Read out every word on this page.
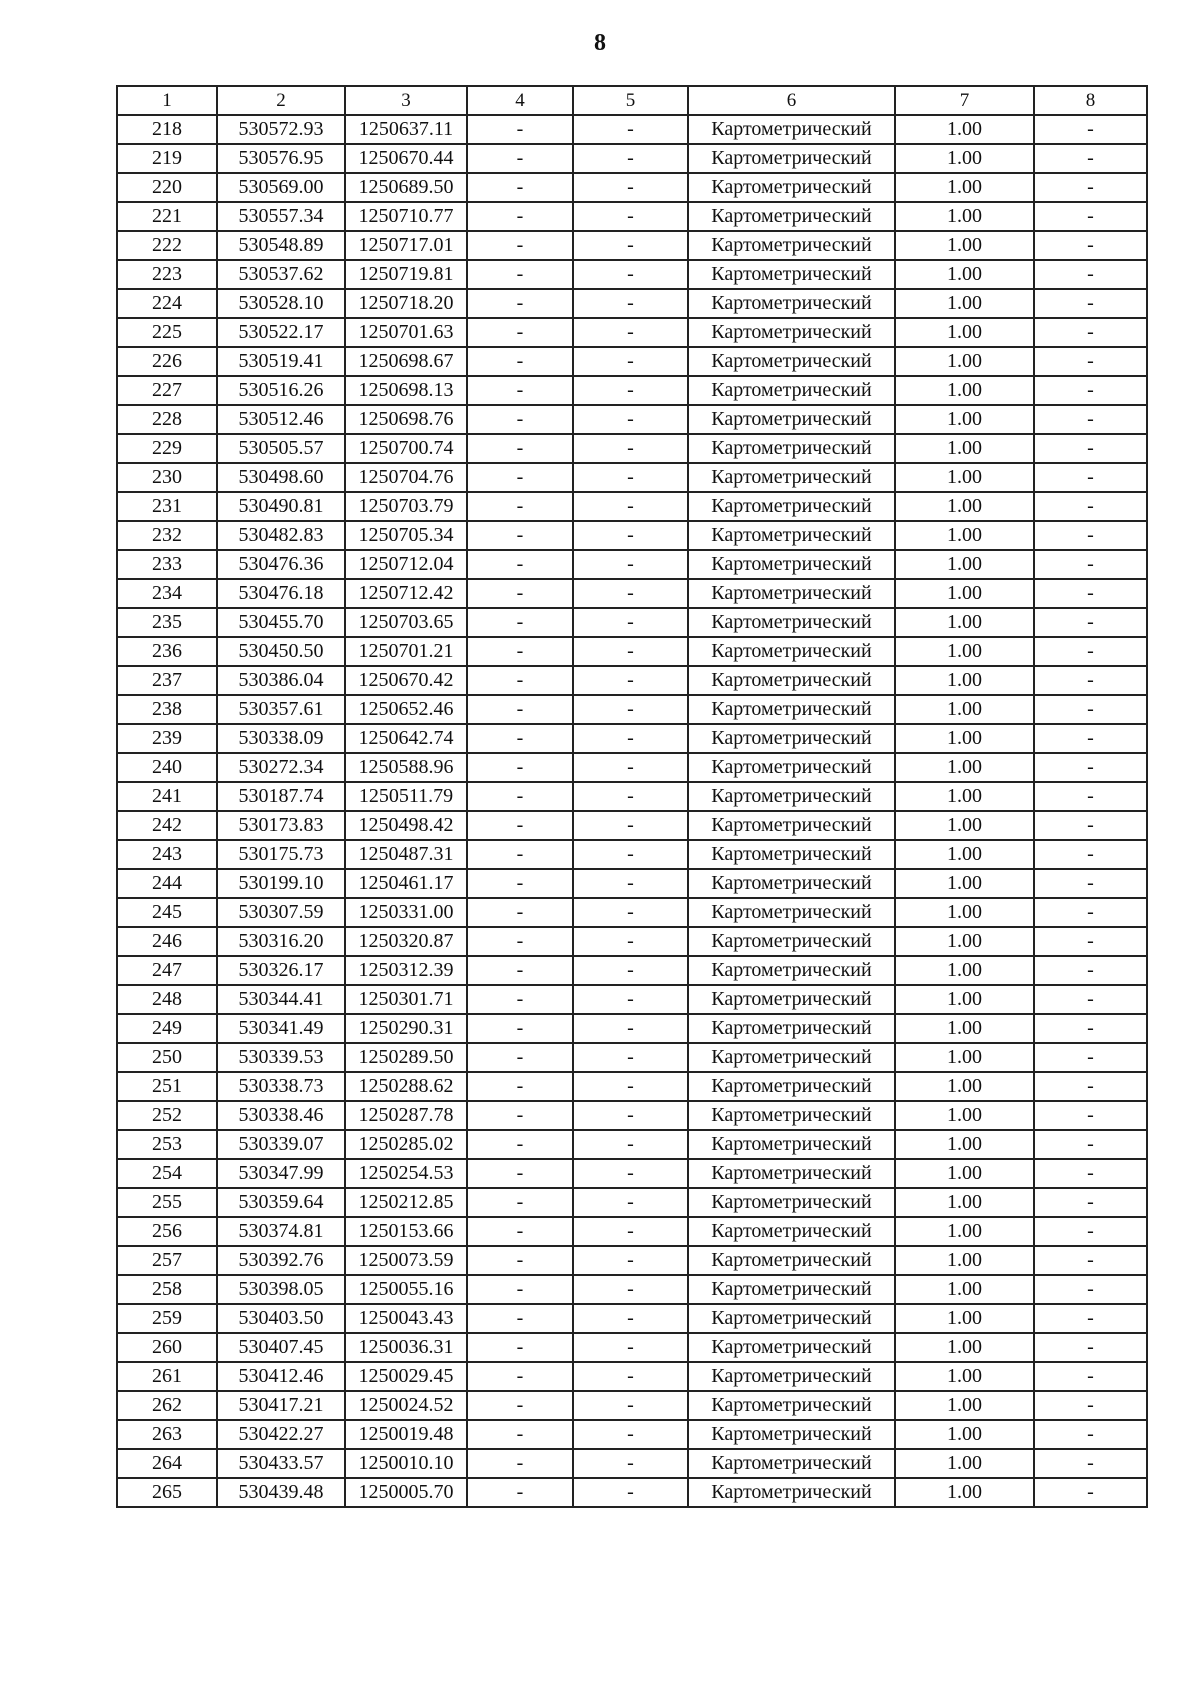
8
1	2	3	4	5	6	7	8
218	530572.93	1250637.11	-	-	Картометрический	1.00	-
219	530576.95	1250670.44	-	-	Картометрический	1.00	-
220	530569.00	1250689.50	-	-	Картометрический	1.00	-
221	530557.34	1250710.77	-	-	Картометрический	1.00	-
222	530548.89	1250717.01	-	-	Картометрический	1.00	-
223	530537.62	1250719.81	-	-	Картометрический	1.00	-
224	530528.10	1250718.20	-	-	Картометрический	1.00	-
225	530522.17	1250701.63	-	-	Картометрический	1.00	-
226	530519.41	1250698.67	-	-	Картометрический	1.00	-
227	530516.26	1250698.13	-	-	Картометрический	1.00	-
228	530512.46	1250698.76	-	-	Картометрический	1.00	-
229	530505.57	1250700.74	-	-	Картометрический	1.00	-
230	530498.60	1250704.76	-	-	Картометрический	1.00	-
231	530490.81	1250703.79	-	-	Картометрический	1.00	-
232	530482.83	1250705.34	-	-	Картометрический	1.00	-
233	530476.36	1250712.04	-	-	Картометрический	1.00	-
234	530476.18	1250712.42	-	-	Картометрический	1.00	-
235	530455.70	1250703.65	-	-	Картометрический	1.00	-
236	530450.50	1250701.21	-	-	Картометрический	1.00	-
237	530386.04	1250670.42	-	-	Картометрический	1.00	-
238	530357.61	1250652.46	-	-	Картометрический	1.00	-
239	530338.09	1250642.74	-	-	Картометрический	1.00	-
240	530272.34	1250588.96	-	-	Картометрический	1.00	-
241	530187.74	1250511.79	-	-	Картометрический	1.00	-
242	530173.83	1250498.42	-	-	Картометрический	1.00	-
243	530175.73	1250487.31	-	-	Картометрический	1.00	-
244	530199.10	1250461.17	-	-	Картометрический	1.00	-
245	530307.59	1250331.00	-	-	Картометрический	1.00	-
246	530316.20	1250320.87	-	-	Картометрический	1.00	-
247	530326.17	1250312.39	-	-	Картометрический	1.00	-
248	530344.41	1250301.71	-	-	Картометрический	1.00	-
249	530341.49	1250290.31	-	-	Картометрический	1.00	-
250	530339.53	1250289.50	-	-	Картометрический	1.00	-
251	530338.73	1250288.62	-	-	Картометрический	1.00	-
252	530338.46	1250287.78	-	-	Картометрический	1.00	-
253	530339.07	1250285.02	-	-	Картометрический	1.00	-
254	530347.99	1250254.53	-	-	Картометрический	1.00	-
255	530359.64	1250212.85	-	-	Картометрический	1.00	-
256	530374.81	1250153.66	-	-	Картометрический	1.00	-
257	530392.76	1250073.59	-	-	Картометрический	1.00	-
258	530398.05	1250055.16	-	-	Картометрический	1.00	-
259	530403.50	1250043.43	-	-	Картометрический	1.00	-
260	530407.45	1250036.31	-	-	Картометрический	1.00	-
261	530412.46	1250029.45	-	-	Картометрический	1.00	-
262	530417.21	1250024.52	-	-	Картометрический	1.00	-
263	530422.27	1250019.48	-	-	Картометрический	1.00	-
264	530433.57	1250010.10	-	-	Картометрический	1.00	-
265	530439.48	1250005.70	-	-	Картометрический	1.00	-
